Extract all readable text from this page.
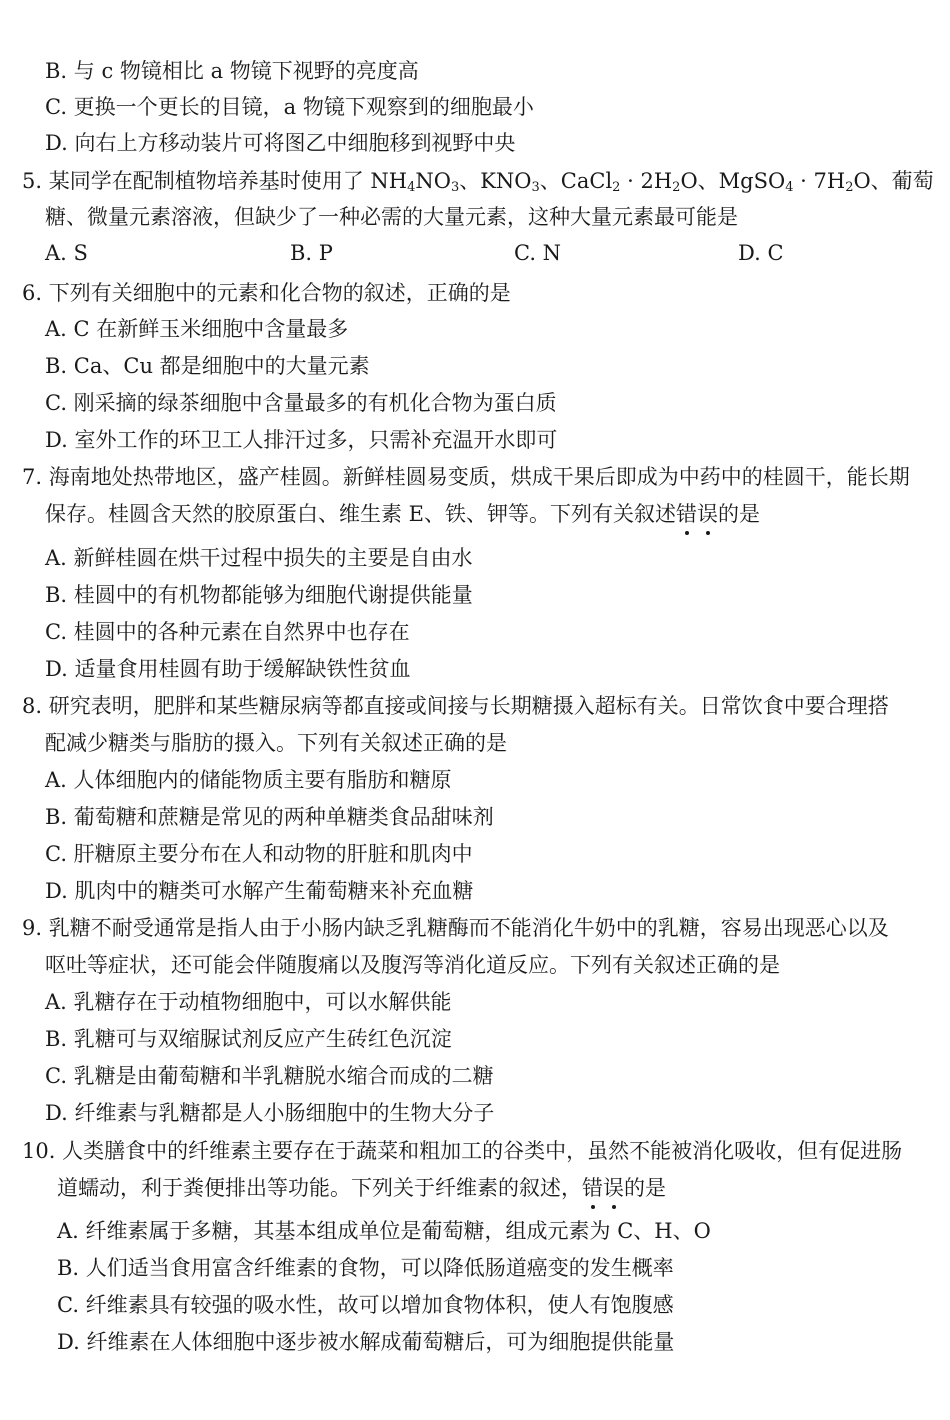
B. 与 c 物镜相比 a 物镜下视野的亮度高
C. 更换一个更长的目镜，a 物镜下观察到的细胞最小
D. 向右上方移动装片可将图乙中细胞移到视野中央
5. 某同学在配制植物培养基时使用了 $NH_4NO_3$、$KNO_3$、CaCl$_2$ · $2H_2O$、MgSO$_4$ · $7H_2O$、葡萄
糖、微量元素溶液，但缺少了一种必需的大量元素，这种大量元素最可能是
A. S	B. P	C. N	D. C
6. 下列有关细胞中的元素和化合物的叙述，正确的是
A. C 在新鲜玉米细胞中含量最多
B. Ca、Cu 都是细胞中的大量元素
C. 刚采摘的绿茶细胞中含量最多的有机化合物为蛋白质
D. 室外工作的环卫工人排汗过多，只需补充温开水即可
7. 海南地处热带地区，盛产桂圆。新鲜桂圆易变质，烘成干果后即成为中药中的桂圆干，能长期
保存。桂圆含天然的胶原蛋白、维生素 E、铁、钾等。下列有关叙述错误的是
A. 新鲜桂圆在烘干过程中损失的主要是自由水
B. 桂圆中的有机物都能够为细胞代谢提供能量
C. 桂圆中的各种元素在自然界中也存在
D. 适量食用桂圆有助于缓解缺铁性贫血
8. 研究表明，肥胖和某些糖尿病等都直接或间接与长期糖摄入超标有关。日常饮食中要合理搭
配减少糖类与脂肪的摄入。下列有关叙述正确的是
A. 人体细胞内的储能物质主要有脂肪和糖原
B. 葡萄糖和蔗糖是常见的两种单糖类食品甜味剂
C. 肝糖原主要分布在人和动物的肝脏和肌肉中
D. 肌肉中的糖类可水解产生葡萄糖来补充血糖
9. 乳糖不耐受通常是指人由于小肠内缺乏乳糖酶而不能消化牛奶中的乳糖，容易出现恶心以及
呕吐等症状，还可能会伴随腹痛以及腹泻等消化道反应。下列有关叙述正确的是
A. 乳糖存在于动植物细胞中，可以水解供能
B. 乳糖可与双缩脲试剂反应产生砖红色沉淀
C. 乳糖是由葡萄糖和半乳糖脱水缩合而成的二糖
D. 纤维素与乳糖都是人小肠细胞中的生物大分子
10. 人类膳食中的纤维素主要存在于蔬菜和粗加工的谷类中，虽然不能被消化吸收，但有促进肠
道蠕动，利于粪便排出等功能。下列关于纤维素的叙述，错误的是
A. 纤维素属于多糖，其基本组成单位是葡萄糖，组成元素为 C、H、O
B. 人们适当食用富含纤维素的食物，可以降低肠道癌变的发生概率
C. 纤维素具有较强的吸水性，故可以增加食物体积，使人有饱腹感
D. 纤维素在人体细胞中逐步被水解成葡萄糖后，可为细胞提供能量
